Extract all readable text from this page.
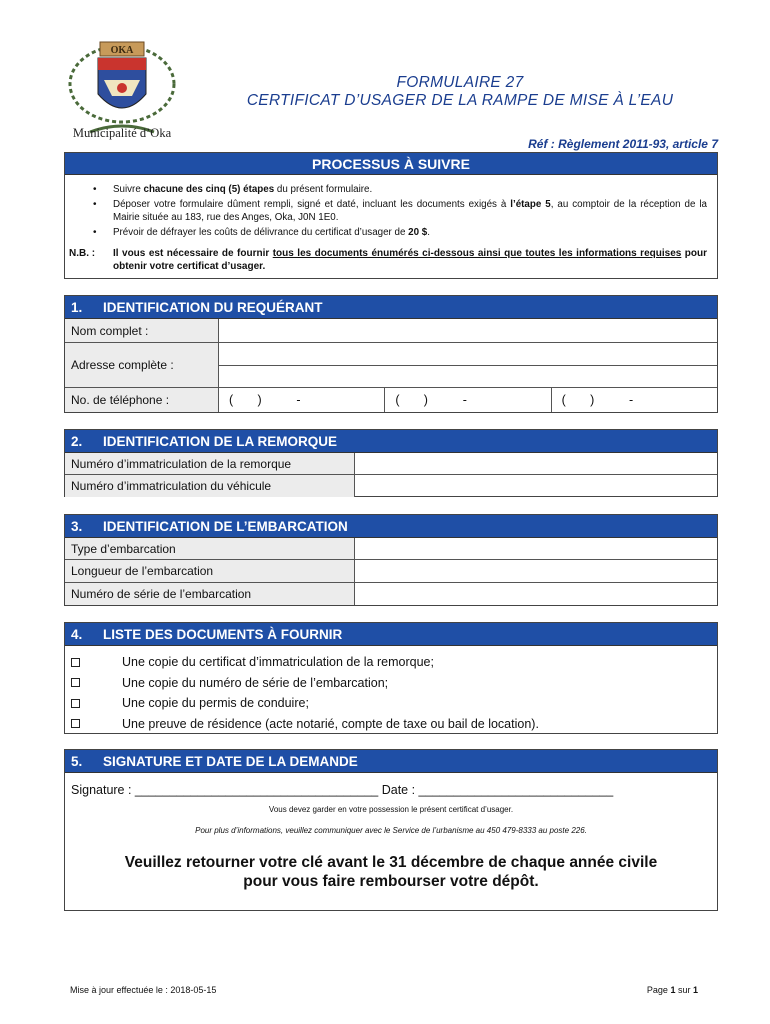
OKA
Municipalité d’Oka
FORMULAIRE 27
CERTIFICAT D’USAGER DE LA RAMPE DE MISE À L’EAU
Réf : Règlement 2011-93, article 7
PROCESSUS À SUIVRE
• Suivre chacune des cinq (5) étapes du présent formulaire.
• Déposer votre formulaire dûment rempli, signé et daté, incluant les documents exigés à l’étape 5, au comptoir de la réception de la Mairie située au 183, rue des Anges, Oka, J0N 1E0.
• Prévoir de défrayer les coûts de délivrance du certificat d’usager de 20 $.
N.B. :	Il vous est nécessaire de fournir tous les documents énumérés ci-dessous ainsi que toutes les informations requises pour obtenir votre certificat d’usager.
1.	IDENTIFICATION DU REQUÉRANT
Nom complet :
Adresse complète :
No. de téléphone :	(       )          -	(       )          -	(       )          -
2.	IDENTIFICATION DE LA REMORQUE
Numéro d’immatriculation de la remorque
Numéro d’immatriculation du véhicule
3.	IDENTIFICATION DE L’EMBARCATION
Type d’embarcation
Longueur de l’embarcation
Numéro de série de l’embarcation
4.	LISTE DES DOCUMENTS À FOURNIR
Une copie du certificat d’immatriculation de la remorque;
Une copie du numéro de série de l’embarcation;
Une copie du permis de conduire;
Une preuve de résidence (acte notarié, compte de taxe ou bail de location).
5.	SIGNATURE ET DATE DE LA DEMANDE
Signature : ___________________________________ Date : ____________________________
Vous devez garder en votre possession le présent certificat d’usager.
Pour plus d’informations, veuillez communiquer avec le Service de l’urbanisme au 450 479-8333 au poste 226.
Veuillez retourner votre clé avant le 31 décembre de chaque année civile
pour vous faire rembourser votre dépôt.
Mise à jour effectuée le : 2018-05-15	Page 1 sur 1
